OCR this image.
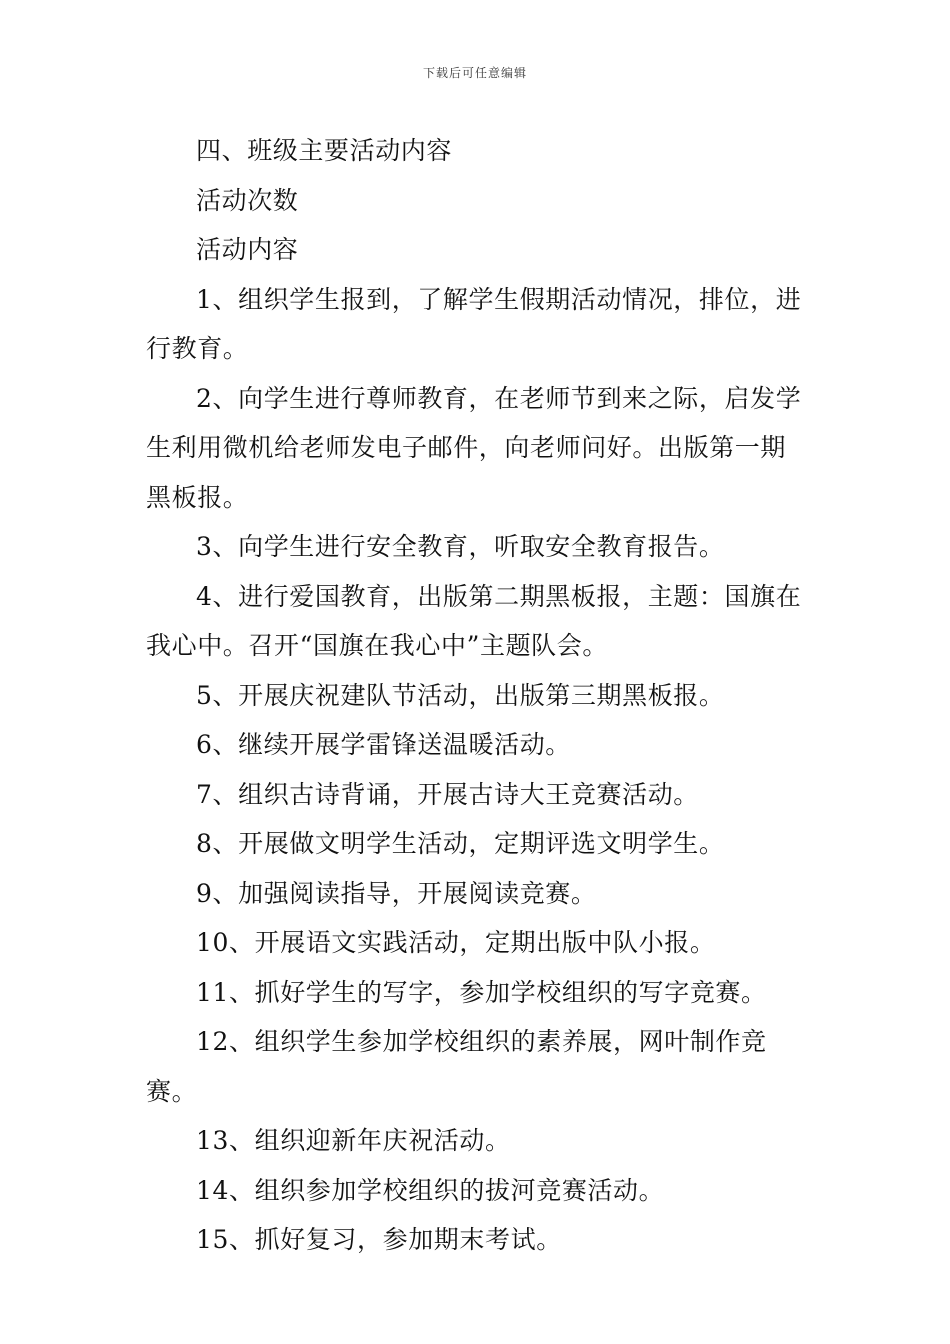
下载后可任意编辑

四、班级主要活动内容

活动次数

活动内容

1、组织学生报到，了解学生假期活动情况，排位，进行教育。

2、向学生进行尊师教育，在老师节到来之际，启发学生利用微机给老师发电子邮件，向老师问好。出版第一期黑板报。

3、向学生进行安全教育，听取安全教育报告。

4、进行爱国教育，出版第二期黑板报，主题：国旗在我心中。召开“国旗在我心中”主题队会。

5、开展庆祝建队节活动，出版第三期黑板报。

6、继续开展学雷锋送温暖活动。

7、组织古诗背诵，开展古诗大王竞赛活动。

8、开展做文明学生活动，定期评选文明学生。

9、加强阅读指导，开展阅读竞赛。

10、开展语文实践活动，定期出版中队小报。

11、抓好学生的写字，参加学校组织的写字竞赛。

12、组织学生参加学校组织的素养展，网叶制作竞赛。

13、组织迎新年庆祝活动。

14、组织参加学校组织的拔河竞赛活动。

15、抓好复习，参加期末考试。
